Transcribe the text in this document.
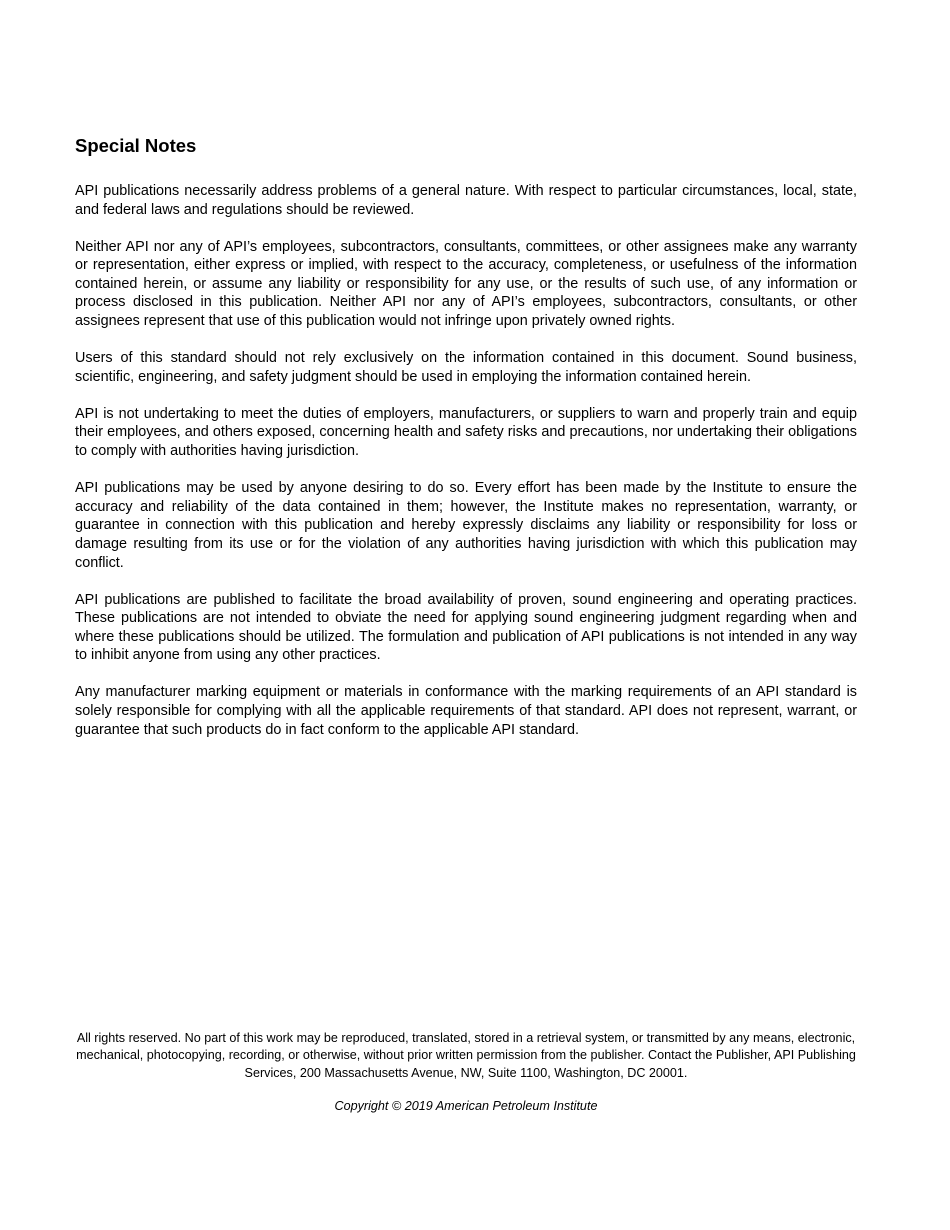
Special Notes

API publications necessarily address problems of a general nature. With respect to particular circumstances, local, state, and federal laws and regulations should be reviewed.

Neither API nor any of API’s employees, subcontractors, consultants, committees, or other assignees make any warranty or representation, either express or implied, with respect to the accuracy, completeness, or usefulness of the information contained herein, or assume any liability or responsibility for any use, or the results of such use, of any information or process disclosed in this publication. Neither API nor any of API’s employees, subcontractors, consultants, or other assignees represent that use of this publication would not infringe upon privately owned rights.

Users of this standard should not rely exclusively on the information contained in this document. Sound business, scientific, engineering, and safety judgment should be used in employing the information contained herein.

API is not undertaking to meet the duties of employers, manufacturers, or suppliers to warn and properly train and equip their employees, and others exposed, concerning health and safety risks and precautions, nor undertaking their obligations to comply with authorities having jurisdiction.

API publications may be used by anyone desiring to do so. Every effort has been made by the Institute to ensure the accuracy and reliability of the data contained in them; however, the Institute makes no representation, warranty, or guarantee in connection with this publication and hereby expressly disclaims any liability or responsibility for loss or damage resulting from its use or for the violation of any authorities having jurisdiction with which this publication may conflict.

API publications are published to facilitate the broad availability of proven, sound engineering and operating practices. These publications are not intended to obviate the need for applying sound engineering judgment regarding when and where these publications should be utilized. The formulation and publication of API publications is not intended in any way to inhibit anyone from using any other practices.

Any manufacturer marking equipment or materials in conformance with the marking requirements of an API standard is solely responsible for complying with all the applicable requirements of that standard. API does not represent, warrant, or guarantee that such products do in fact conform to the applicable API standard.

All rights reserved. No part of this work may be reproduced, translated, stored in a retrieval system, or transmitted by any means, electronic, mechanical, photocopying, recording, or otherwise, without prior written permission from the publisher. Contact the Publisher, API Publishing Services, 200 Massachusetts Avenue, NW, Suite 1100, Washington, DC 20001.

Copyright © 2019 American Petroleum Institute
